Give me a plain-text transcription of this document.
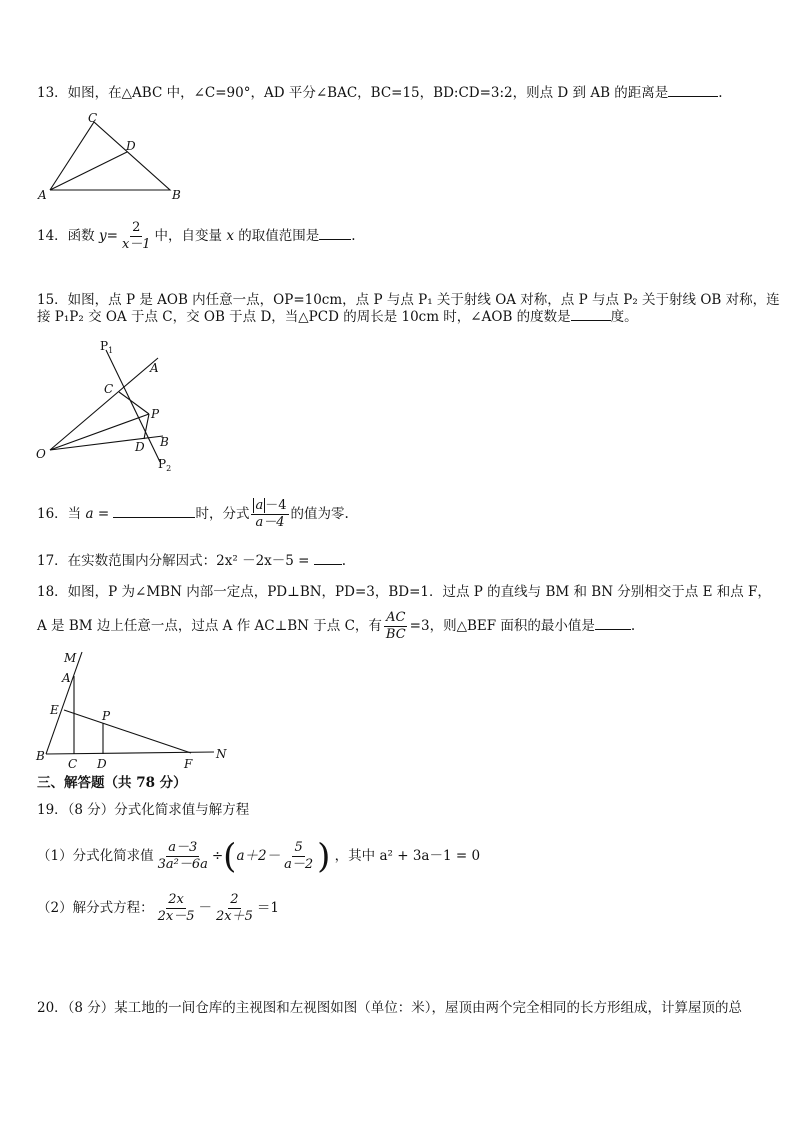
13．如图，在△ABC 中，∠C=90°，AD 平分∠BAC，BC=15，BD:CD=3:2，则点 D 到 AB 的距离是	.
C
D
A	B
14．函数 $y= \frac{2}{x-1}$ 中，自变量 x 的取值范围是 .
15．如图，点 P 是 AOB 内任意一点，OP=10cm，点 P 与点 P₁ 关于射线 OA 对称，点 P 与点 P₂ 关于射线 OB 对称，连
接 P₁P₂ 交 OA 于点 C，交 OB 于点 D，当△PCD 的周长是 10cm 时，∠AOB 的度数是	度。
$P_1$
A
C
P
B
D
O
$P_2$
16．当 a =	时，分式 $\frac{a -4}{a-4}$ 的值为零.
17．在实数范围内分解因式：2x² －2x－5 = .
18．如图，P 为∠MBN 内部一定点，PD⊥BN，PD=3，BD=1．过点 P 的直线与 BM 和 BN 分别相交于点 E 和点 F，
A 是 BM 边上任意一点，过点 A 作 AC⊥BN 于点 C，有 $\frac{AC}{BC} =3$，则△BEF 面积的最小值是	.
M
A
E	P
B
C D	F
N
三、解答题（共 78 分）
19．（8 分）分式化简求值与解方程
（1）分式化简求值 $\frac{a-3}{\text{3a²－6a}} \div(a+2- \frac{5}{a-2}$ ) ，其中 a² + 3a－1 = 0
（2）解分式方程： $\frac{2x}{2x-5} - \frac{2}{2x+5} =1$
20．（8 分）某工地的一间仓库的主视图和左视图如图（单位：米），屋顶由两个完全相同的长方形组成，计算屋顶的总
